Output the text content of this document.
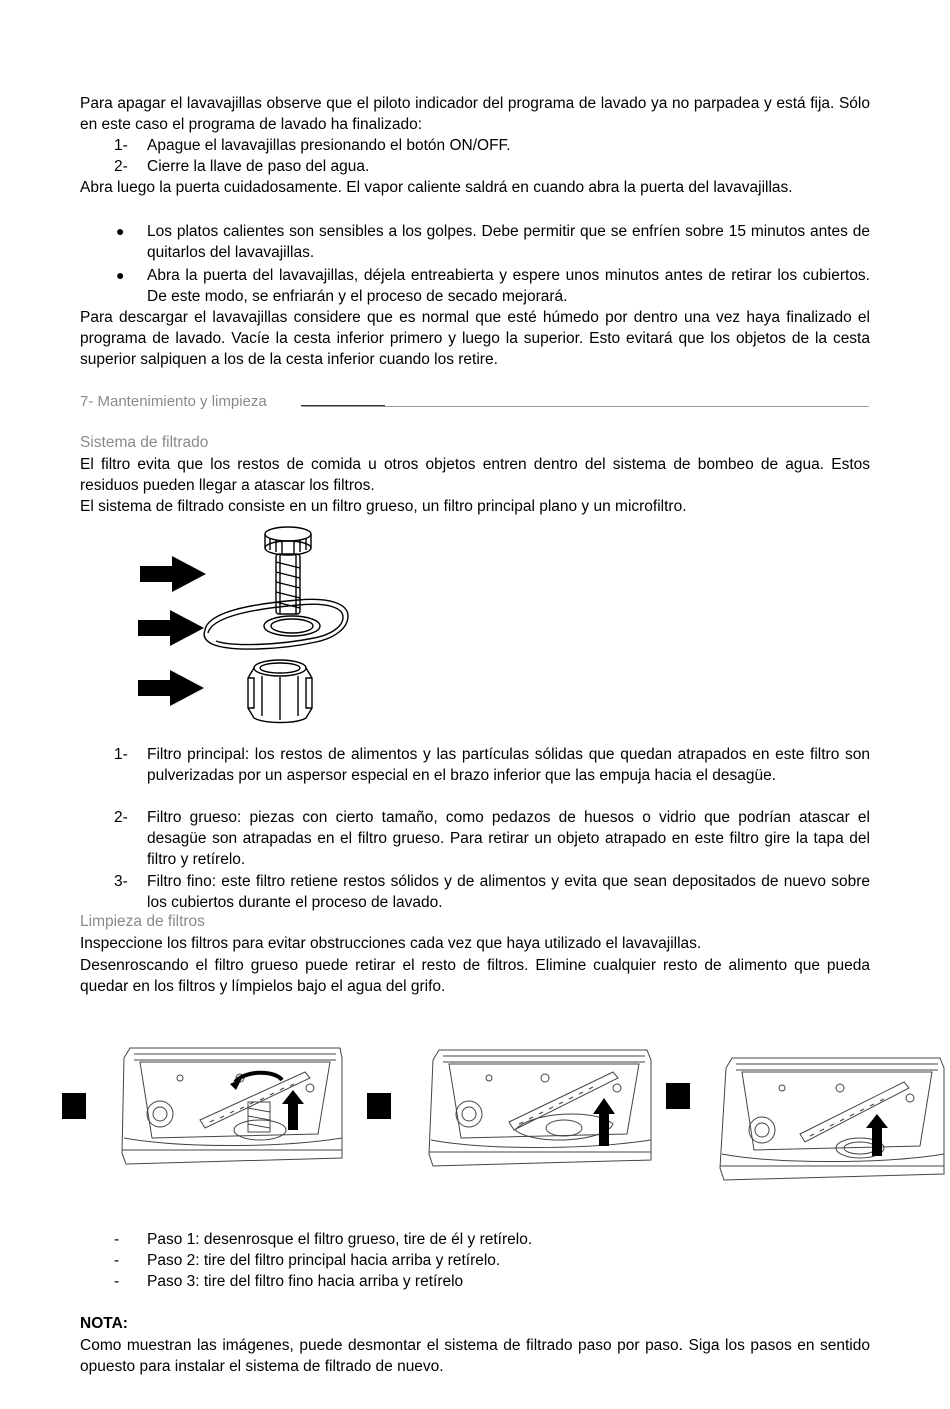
Para apagar el lavavajillas observe que el piloto indicador del programa de lavado ya no parpadea y está fija. Sólo en este caso el programa de lavado ha finalizado:
1- Apague el lavavajillas presionando el botón ON/OFF.
2- Cierre la llave de paso del agua.
Abra luego la puerta cuidadosamente. El vapor caliente saldrá en cuando abra la puerta del lavavajillas.
● Los platos calientes son sensibles a los golpes. Debe permitir que se enfríen sobre 15 minutos antes de quitarlos del lavavajillas.
● Abra la puerta del lavavajillas, déjela entreabierta y espere unos minutos antes de retirar los cubiertos. De este modo, se enfriarán y el proceso de secado mejorará.
Para descargar el lavavajillas considere que es normal que esté húmedo por dentro una vez haya finalizado el programa de lavado. Vacíe la cesta inferior primero y luego la superior. Esto evitará que los objetos de la cesta superior salpiquen a los de la cesta inferior cuando los retire.
7- Mantenimiento y limpieza
Sistema de filtrado
El filtro evita que los restos de comida u otros objetos entren dentro del sistema de bombeo de agua. Estos residuos pueden llegar a atascar los filtros.
El sistema de filtrado consiste en un filtro grueso, un filtro principal plano y un microfiltro.
1- Filtro principal: los restos de alimentos y las partículas sólidas que quedan atrapados en este filtro son pulverizadas por un aspersor especial en el brazo inferior que las empuja hacia el desagüe.
2- Filtro grueso: piezas con cierto tamaño, como pedazos de huesos o vidrio que podrían atascar el desagüe son atrapadas en el filtro grueso. Para retirar un objeto atrapado en este filtro gire la tapa del filtro y retírelo.
3- Filtro fino: este filtro retiene restos sólidos y de alimentos y evita que sean depositados de nuevo sobre los cubiertos durante el proceso de lavado.
Limpieza de filtros
Inspeccione los filtros para evitar obstrucciones cada vez que haya utilizado el lavavajillas.
Desenroscando el filtro grueso puede retirar el resto de filtros. Elimine cualquier resto de alimento que pueda quedar en los filtros y límpielos bajo el agua del grifo.
- Paso 1: desenrosque el filtro grueso, tire de él y retírelo.
- Paso 2: tire del filtro principal hacia arriba y retírelo.
- Paso 3: tire del filtro fino hacia arriba y retírelo
NOTA:
Como muestran las imágenes, puede desmontar el sistema de filtrado paso por paso. Siga los pasos en sentido opuesto para instalar el sistema de filtrado de nuevo.
